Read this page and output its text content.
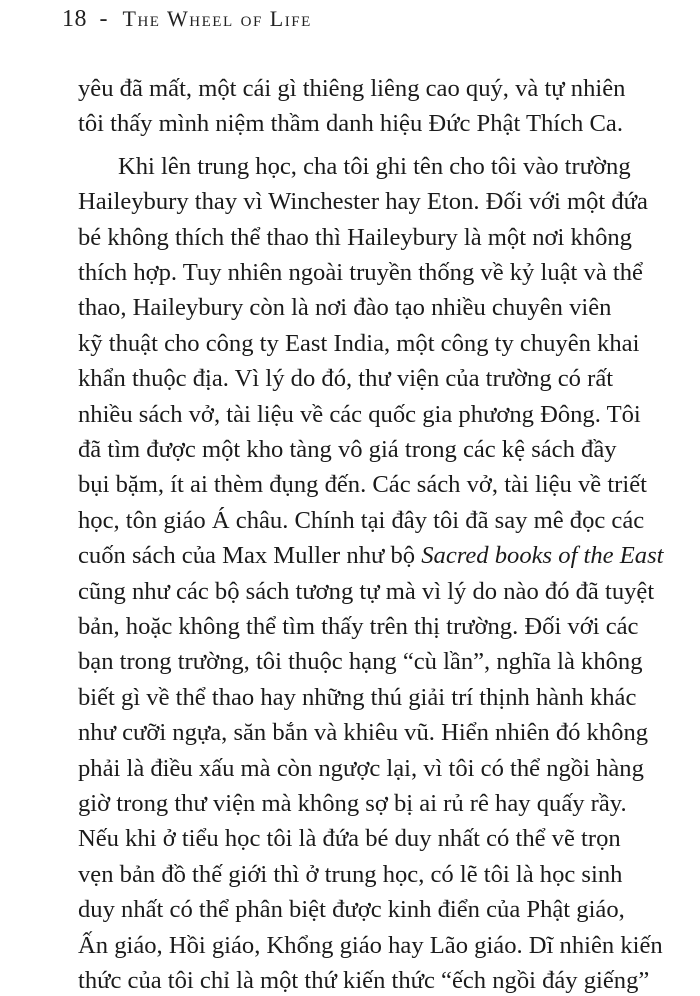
18 - The Wheel of Life
yêu đã mất, một cái gì thiêng liêng cao quý, và tự nhiên
tôi thấy mình niệm thầm danh hiệu Đức Phật Thích Ca.
Khi lên trung học, cha tôi ghi tên cho tôi vào trường
Haileybury thay vì Winchester hay Eton. Đối với một đứa
bé không thích thể thao thì Haileybury là một nơi không
thích hợp. Tuy nhiên ngoài truyền thống về kỷ luật và thể
thao, Haileybury còn là nơi đào tạo nhiều chuyên viên
kỹ thuật cho công ty East India, một công ty chuyên khai
khẩn thuộc địa. Vì lý do đó, thư viện của trường có rất
nhiều sách vở, tài liệu về các quốc gia phương Đông. Tôi
đã tìm được một kho tàng vô giá trong các kệ sách đầy
bụi bặm, ít ai thèm đụng đến. Các sách vở, tài liệu về triết
học, tôn giáo Á châu. Chính tại đây tôi đã say mê đọc các
cuốn sách của Max Muller như bộ Sacred books of the East
cũng như các bộ sách tương tự mà vì lý do nào đó đã tuyệt
bản, hoặc không thể tìm thấy trên thị trường. Đối với các
bạn trong trường, tôi thuộc hạng “cù lần”, nghĩa là không
biết gì về thể thao hay những thú giải trí thịnh hành khác
như cưỡi ngựa, săn bắn và khiêu vũ. Hiển nhiên đó không
phải là điều xấu mà còn ngược lại, vì tôi có thể ngồi hàng
giờ trong thư viện mà không sợ bị ai rủ rê hay quấy rầy.
Nếu khi ở tiểu học tôi là đứa bé duy nhất có thể vẽ trọn
vẹn bản đồ thế giới thì ở trung học, có lẽ tôi là học sinh
duy nhất có thể phân biệt được kinh điển của Phật giáo,
Ấn giáo, Hồi giáo, Khổng giáo hay Lão giáo. Dĩ nhiên kiến
thức của tôi chỉ là một thứ kiến thức “ếch ngồi đáy giếng”
